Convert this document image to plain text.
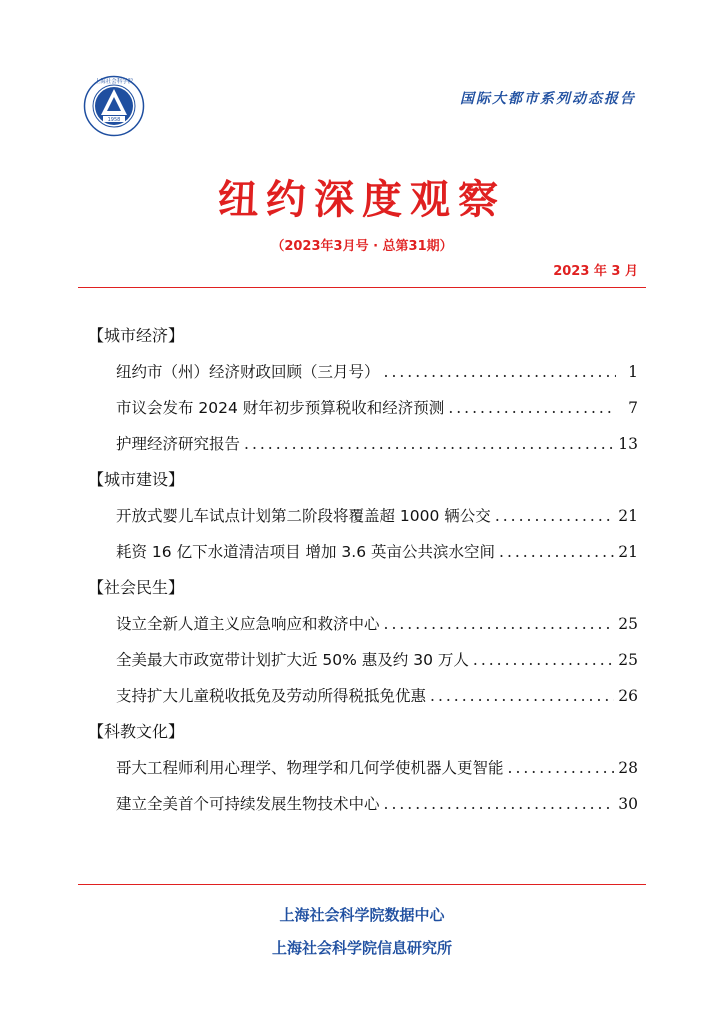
1958
上海社会科学院
国际大都市系列动态报告
纽约深度观察
（2023年3月号 · 总第31期）
2023 年 3 月
【城市经济】
纽约市（州）经济财政回顾（三月号） .....	1
市议会发布 2024 财年初步预算税收和经济预测 .....	7
护理经济研究报告 .....	13
【城市建设】
开放式婴儿车试点计划第二阶段将覆盖超 1000 辆公交 .....	21
耗资 16 亿下水道清洁项目 增加 3.6 英亩公共滨水空间 .....	21
【社会民生】
设立全新人道主义应急响应和救济中心 .....	25
全美最大市政宽带计划扩大近 50% 惠及约 30 万人 .....	25
支持扩大儿童税收抵免及劳动所得税抵免优惠 .....	26
【科教文化】
哥大工程师利用心理学、物理学和几何学使机器人更智能 .....	28
建立全美首个可持续发展生物技术中心 .....	30
上海社会科学院数据中心
上海社会科学院信息研究所
